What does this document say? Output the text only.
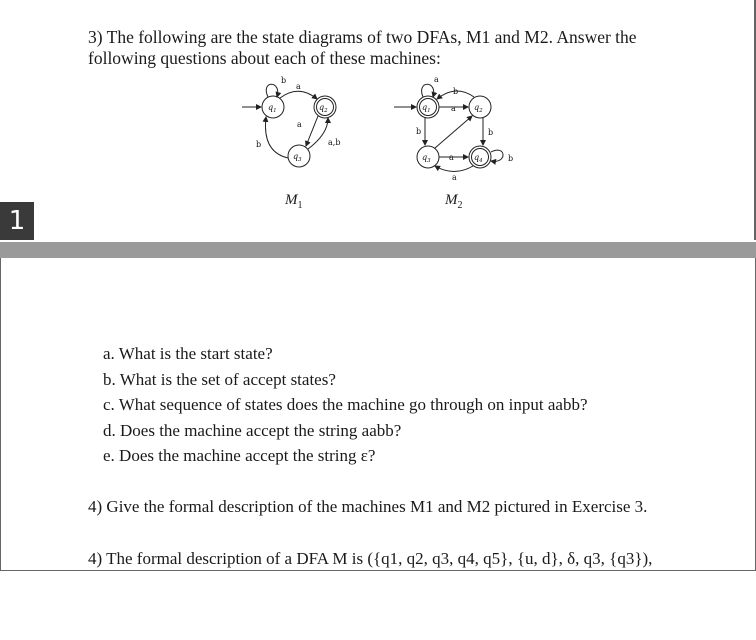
3) The following are the state diagrams of two DFAs, M1 and M2. Answer the
following questions about each of these machines:
$q_1$	$q_2$
$q_3$
b
a
a
b	a,b
$q_1$	$q_2$
$q_3$	$q_4$
a
b
a
b	b
a
a
b
$M_1$	$M_2$
1
a. What is the start state?
b. What is the set of accept states?
c. What sequence of states does the machine go through on input aabb?
d. Does the machine accept the string aabb?
e. Does the machine accept the string ε?
4) Give the formal description of the machines M1 and M2 pictured in Exercise 3.
4) The formal description of a DFA M is ({q1, q2, q3, q4, q5}, {u, d}, δ, q3, {q3}),
